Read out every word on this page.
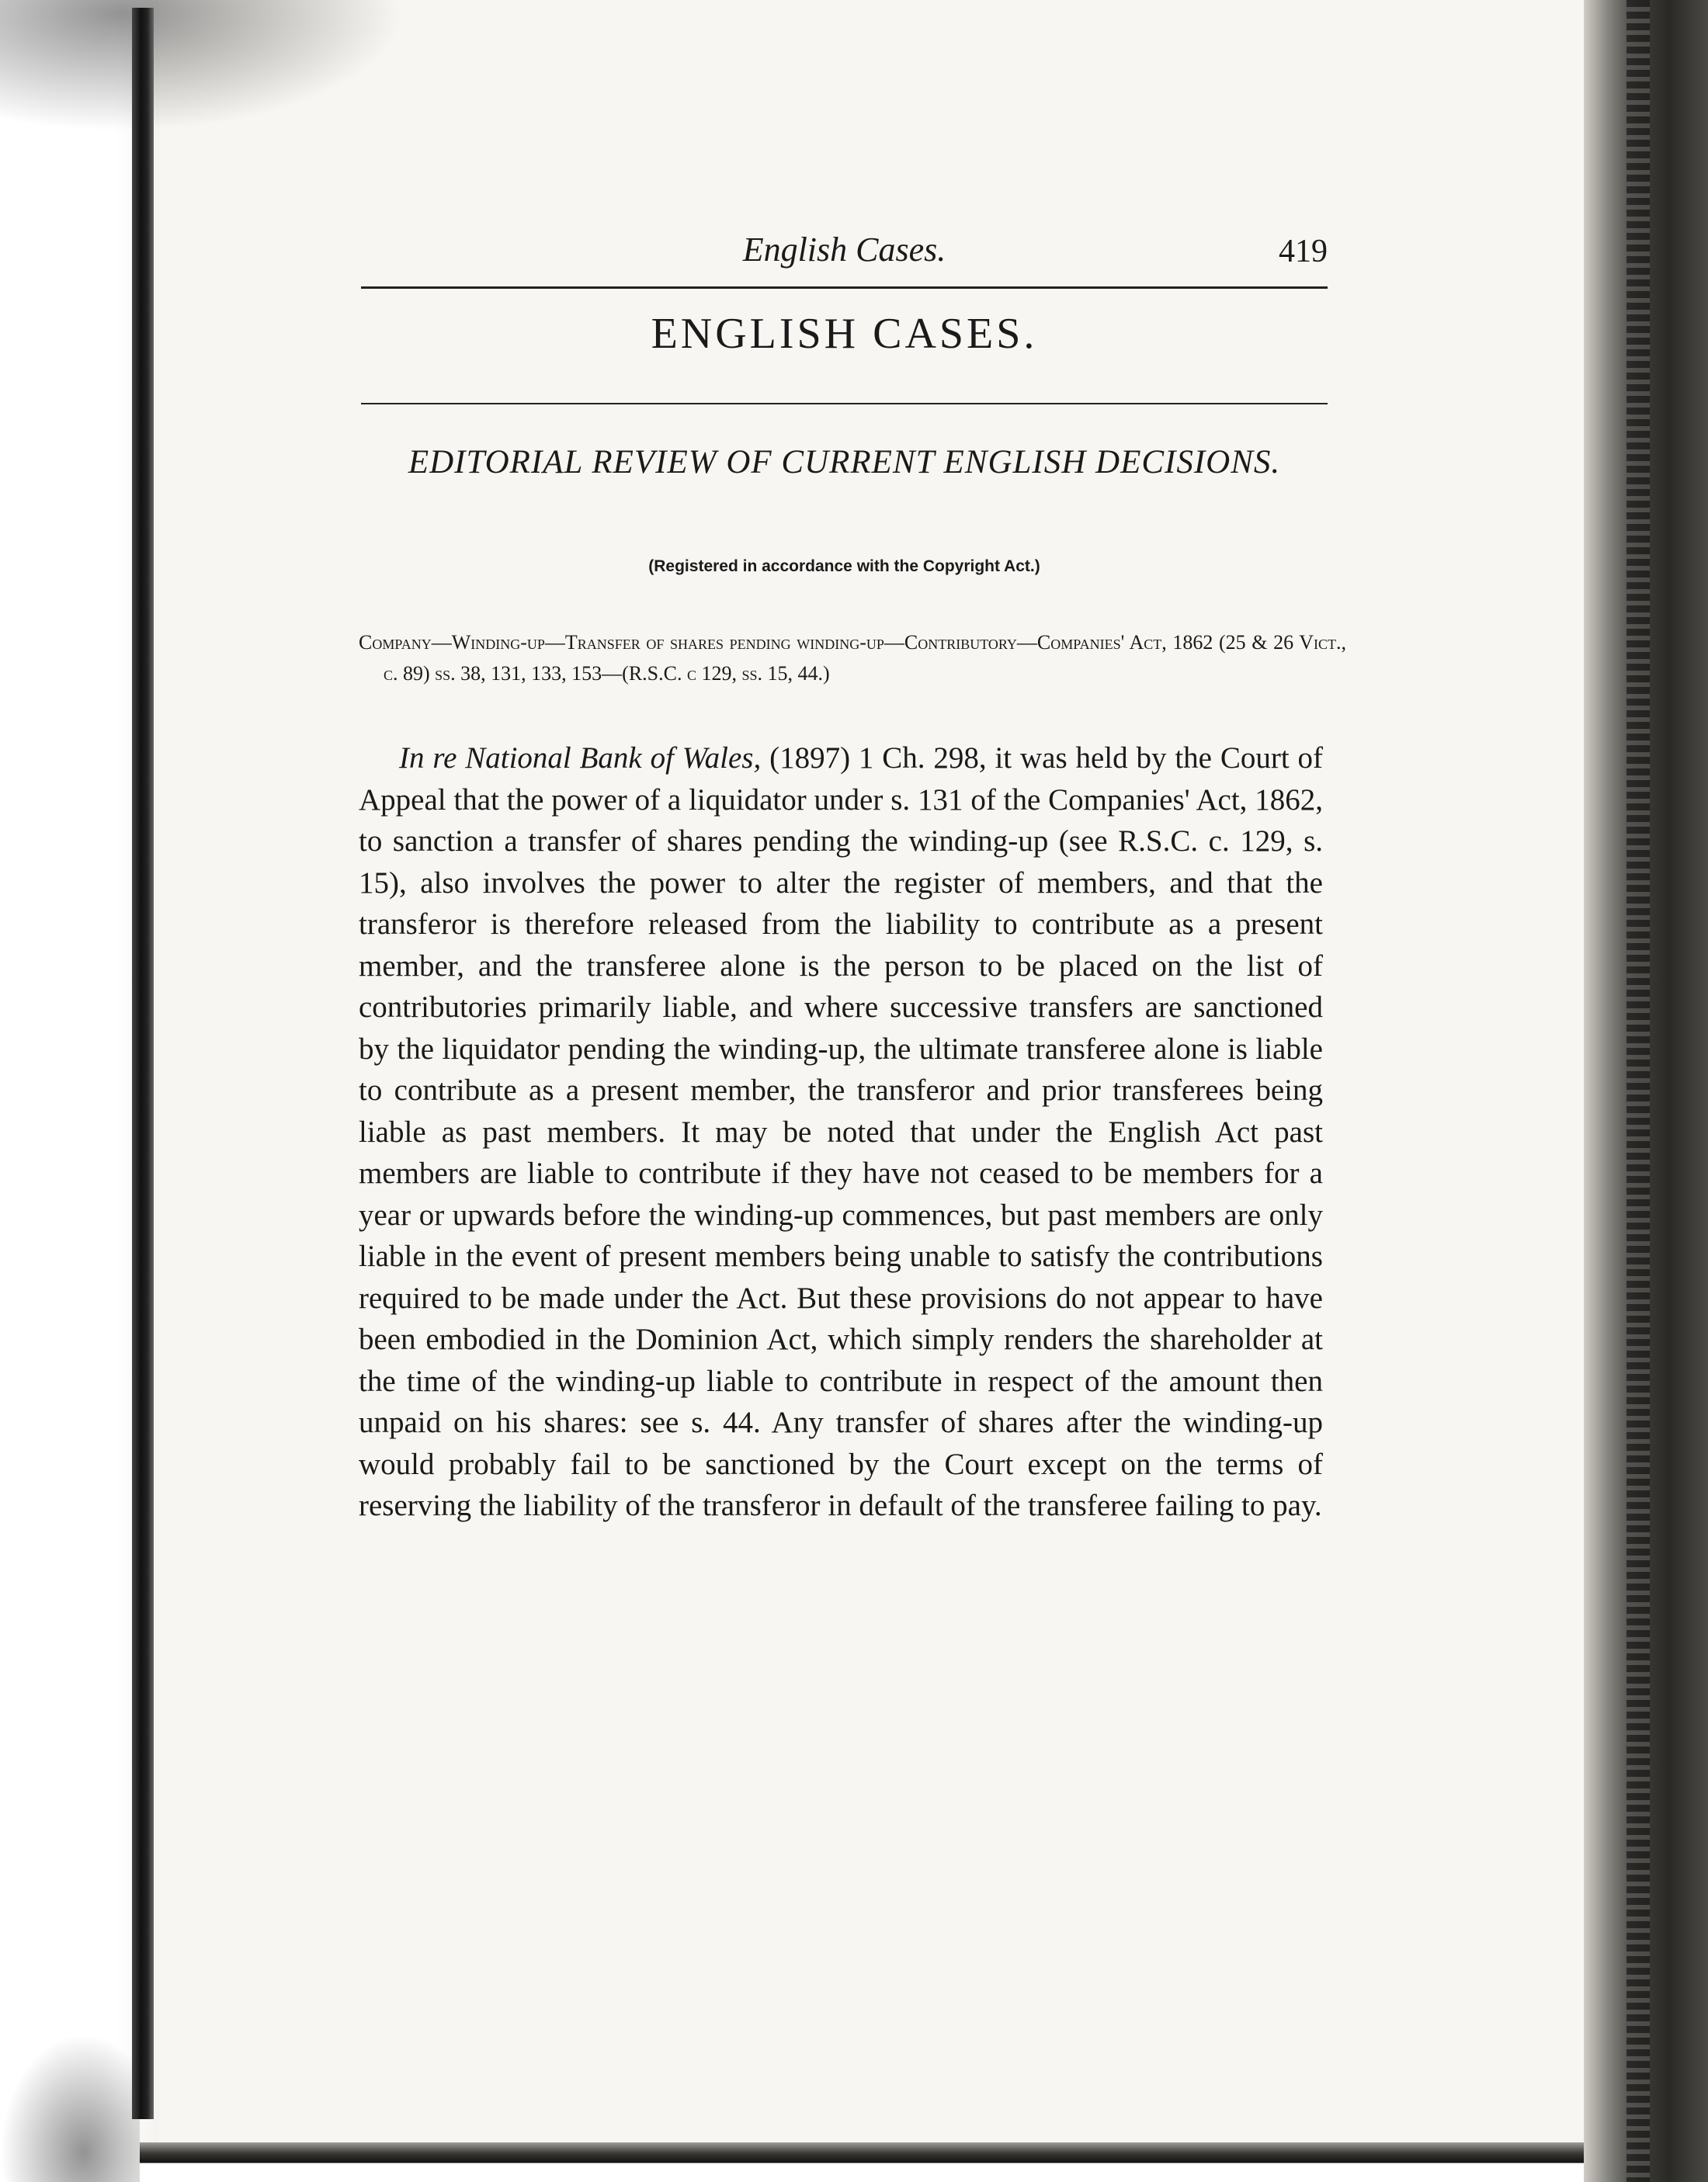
English Cases.	419
ENGLISH CASES.
EDITORIAL REVIEW OF CURRENT ENGLISH DECISIONS.
(Registered in accordance with the Copyright Act.)
Company—Winding-up—Transfer of shares pending winding-up—Contributory—Companies' Act, 1862 (25 & 26 Vict., c. 89) ss. 38, 131, 133, 153—(R.S.C. c 129, ss. 15, 44.)

In re National Bank of Wales, (1897) 1 Ch. 298, it was held by the Court of Appeal that the power of a liquidator under s. 131 of the Companies' Act, 1862, to sanction a transfer of shares pending the winding-up (see R.S.C. c. 129, s. 15), also involves the power to alter the register of members, and that the transferor is therefore released from the liability to contribute as a present member, and the transferee alone is the person to be placed on the list of contributories primarily liable, and where successive transfers are sanctioned by the liquidator pending the winding-up, the ultimate transferee alone is liable to contribute as a present member, the transferor and prior transferees being liable as past members. It may be noted that under the English Act past members are liable to contribute if they have not ceased to be members for a year or upwards before the winding-up commences, but past members are only liable in the event of present members being unable to satisfy the contributions required to be made under the Act. But these provisions do not appear to have been embodied in the Dominion Act, which simply renders the shareholder at the time of the winding-up liable to contribute in respect of the amount then unpaid on his shares: see s. 44. Any transfer of shares after the winding-up would probably fail to be sanctioned by the Court except on the terms of reserving the liability of the transferor in default of the transferee failing to pay.
